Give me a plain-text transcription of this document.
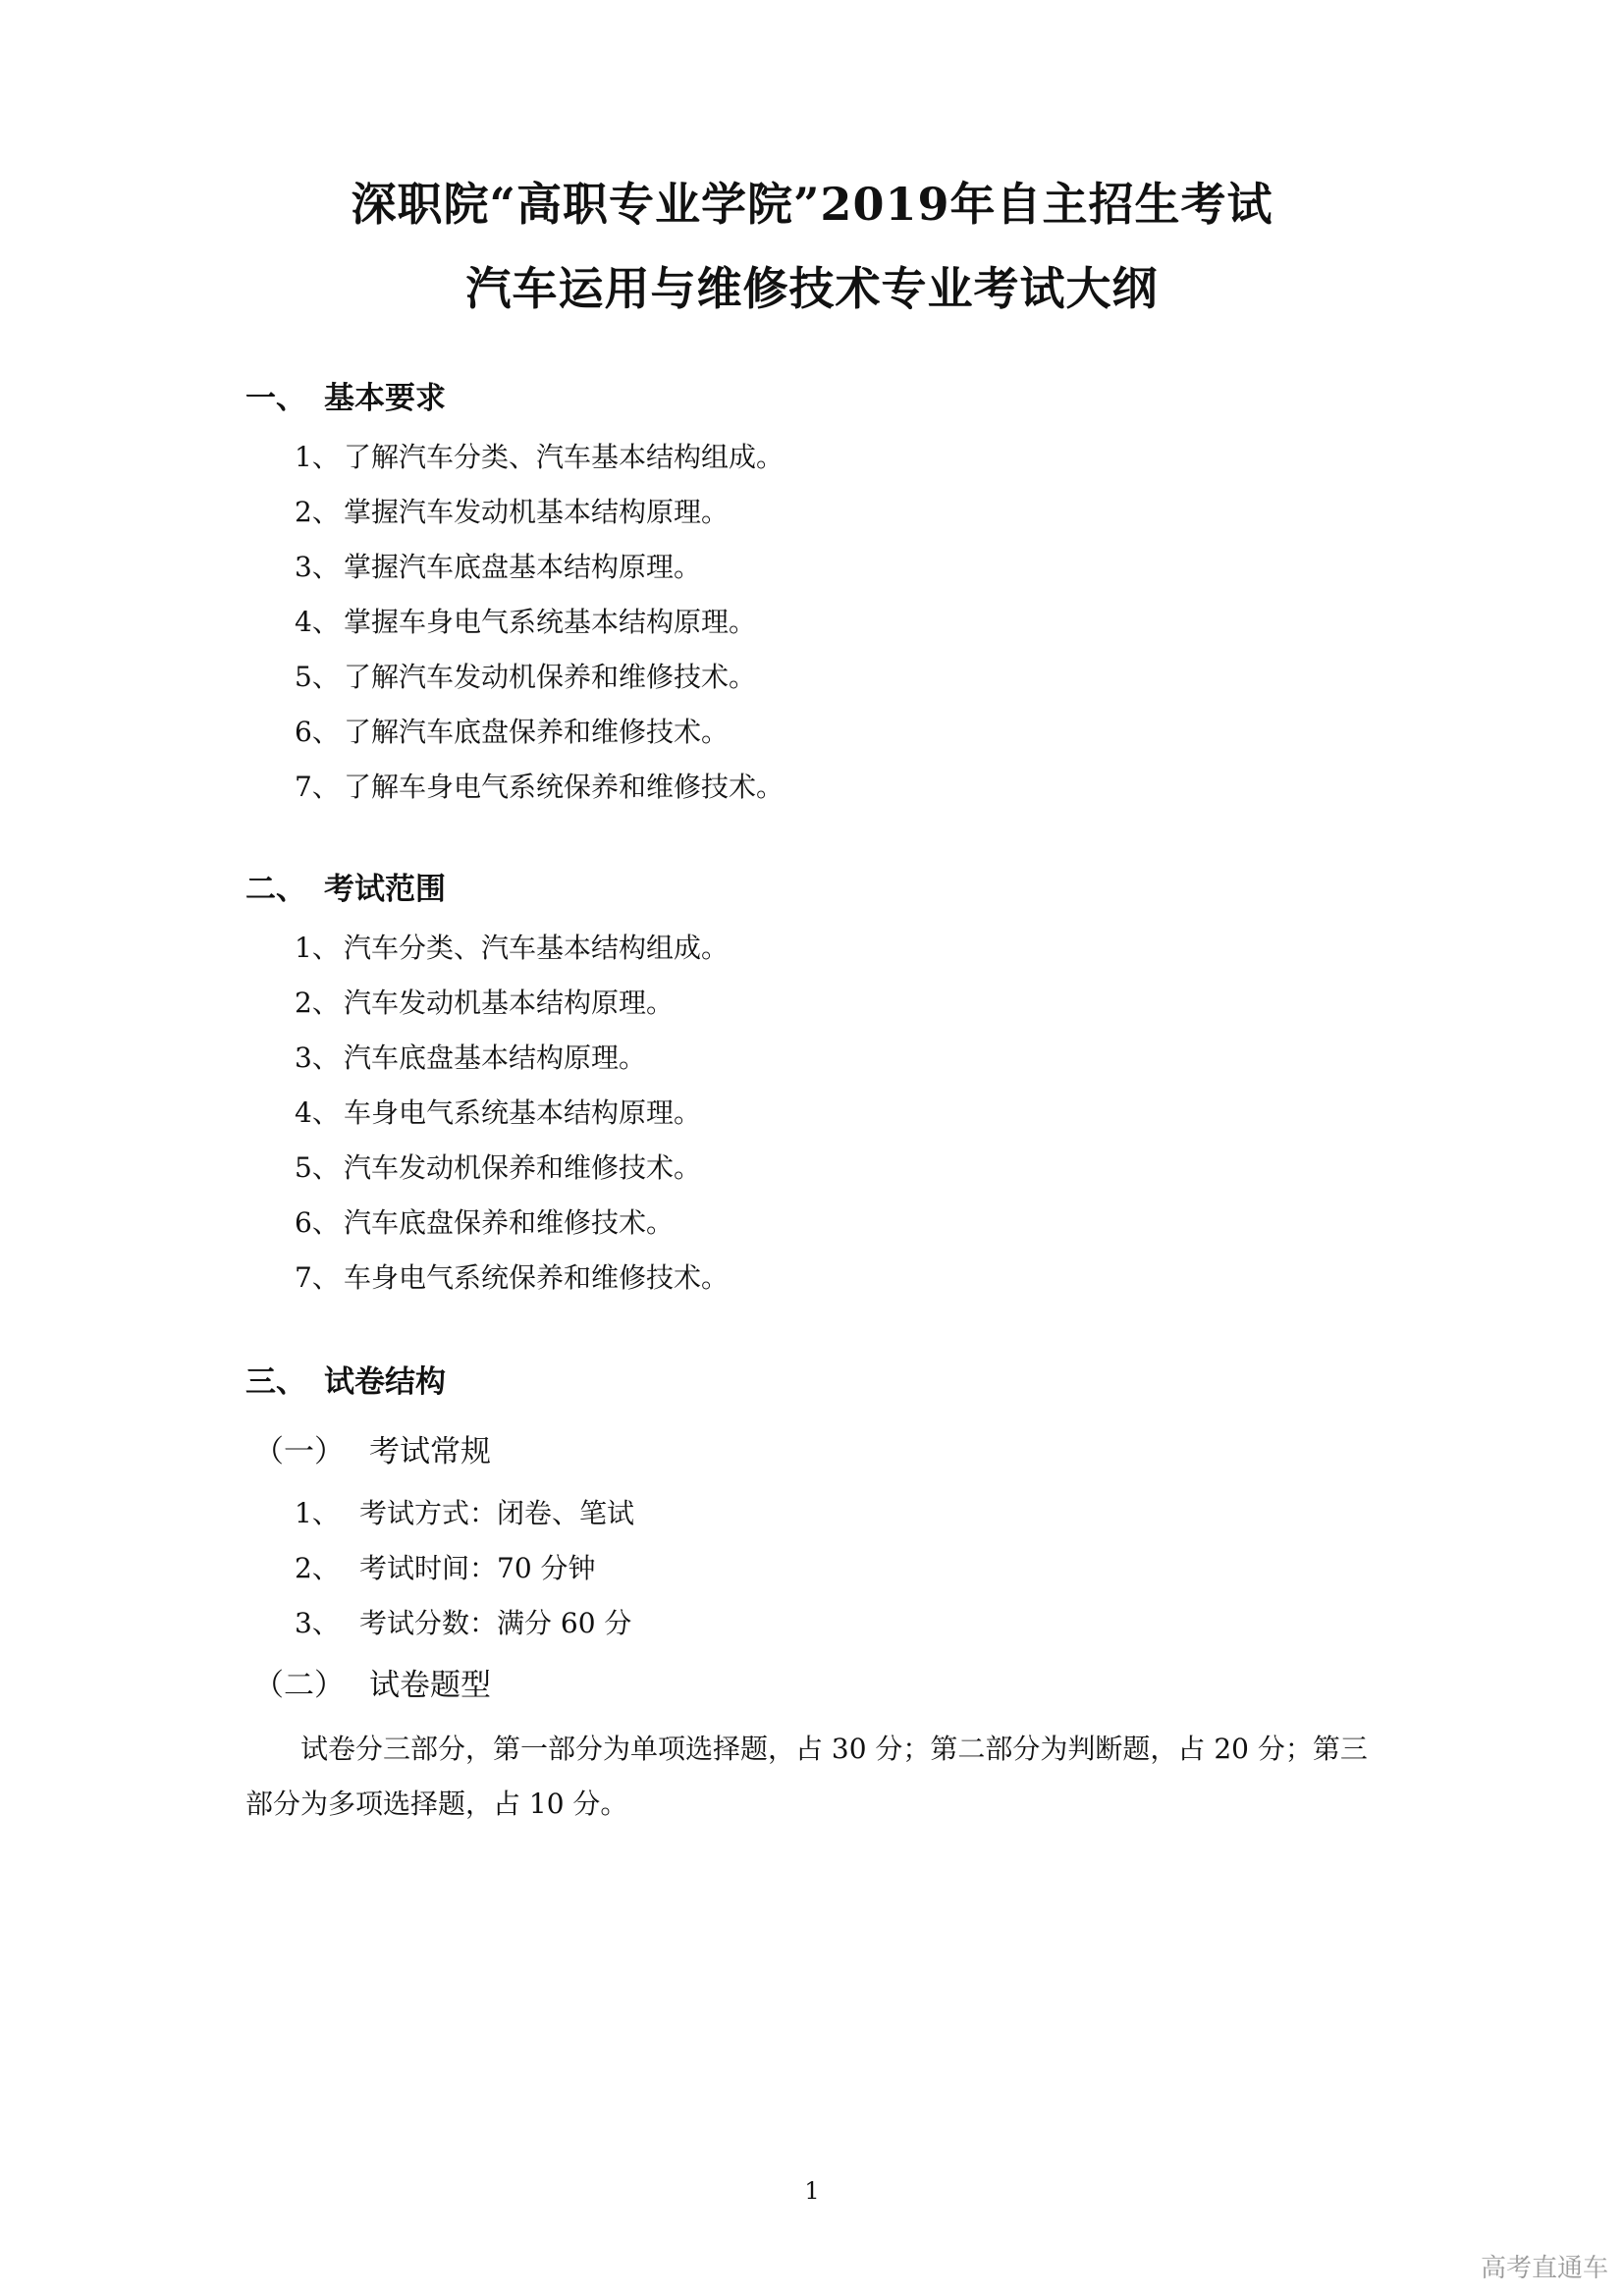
深职院“高职专业学院”2019年自主招生考试
汽车运用与维修技术专业考试大纲
一、 基本要求
1、 了解汽车分类、汽车基本结构组成。
2、 掌握汽车发动机基本结构原理。
3、 掌握汽车底盘基本结构原理。
4、 掌握车身电气系统基本结构原理。
5、 了解汽车发动机保养和维修技术。
6、 了解汽车底盘保养和维修技术。
7、 了解车身电气系统保养和维修技术。
二、 考试范围
1、 汽车分类、汽车基本结构组成。
2、 汽车发动机基本结构原理。
3、 汽车底盘基本结构原理。
4、 车身电气系统基本结构原理。
5、 汽车发动机保养和维修技术。
6、 汽车底盘保养和维修技术。
7、 车身电气系统保养和维修技术。
三、 试卷结构
（一） 考试常规
1、 考试方式：闭卷、笔试
2、 考试时间：70 分钟
3、 考试分数：满分 60 分
（二） 试卷题型

试卷分三部分，第一部分为单项选择题，占 30 分；第二部分为判断题，占 20 分；第三部分为多项选择题，占 10 分。

1
高考直通车
